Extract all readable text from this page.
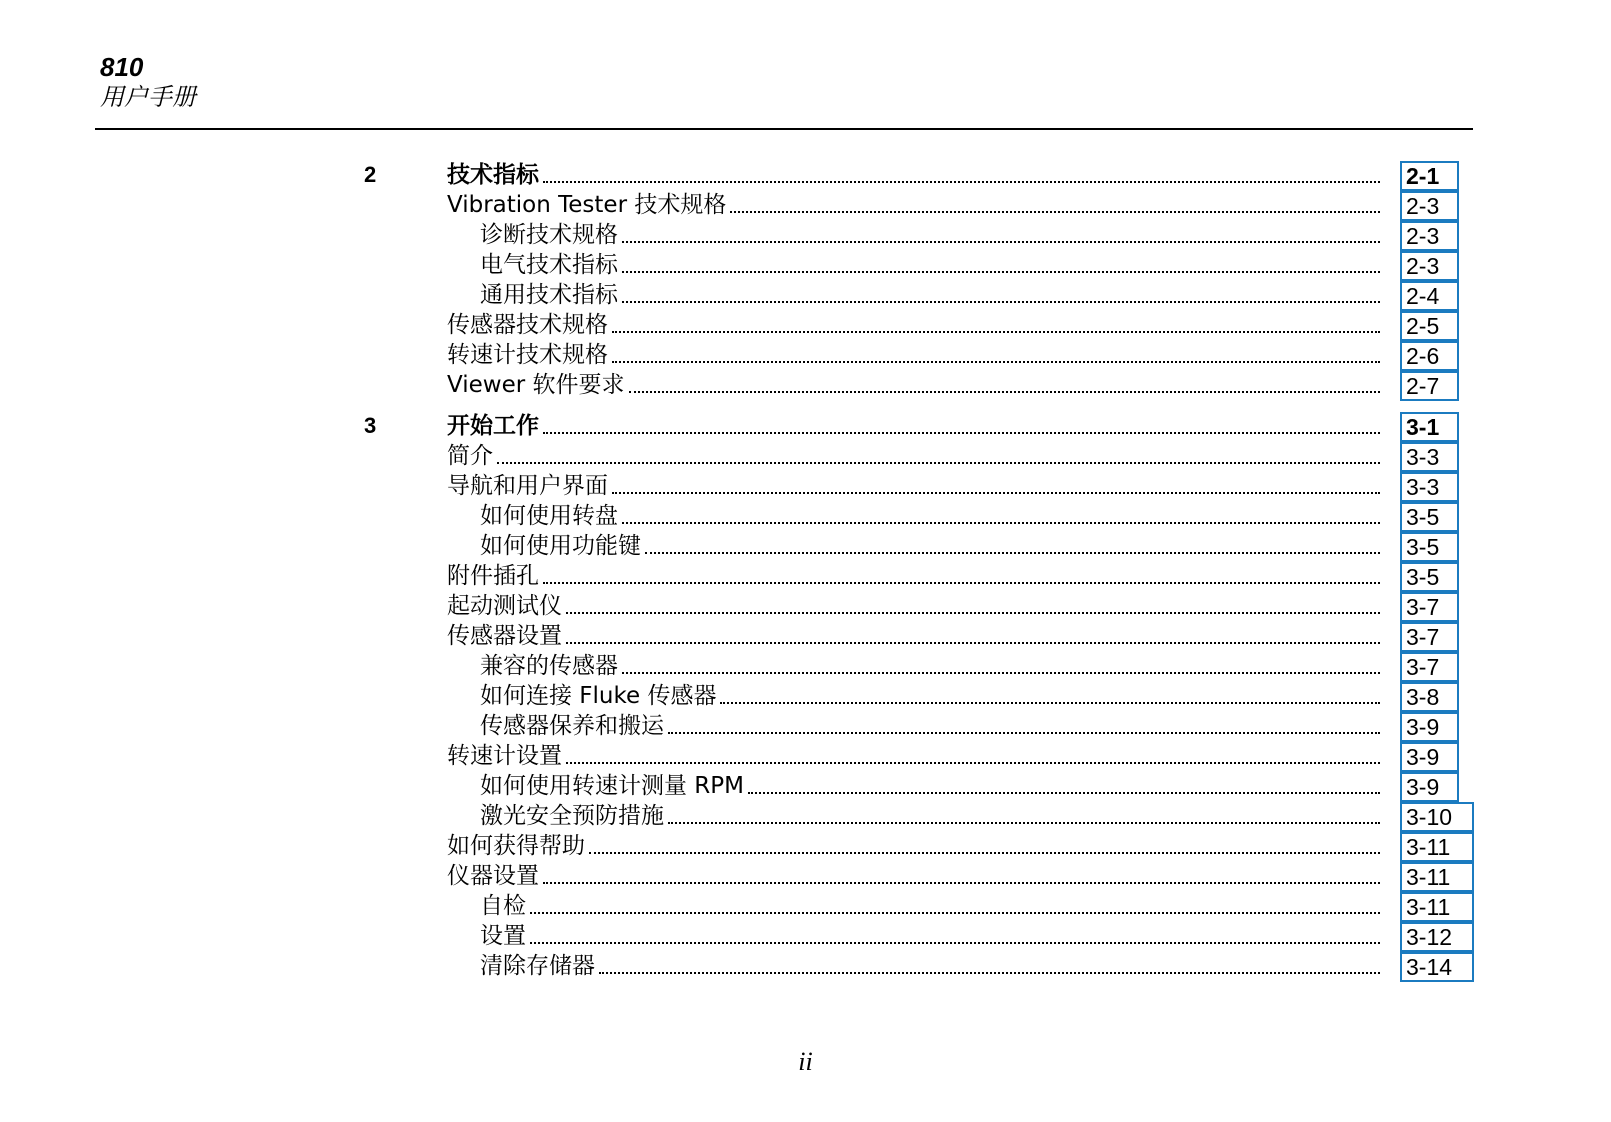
810
用户手册
2	技术指标	2-1
Vibration Tester 技术规格	2-3
诊断技术规格	2-3
电气技术指标	2-3
通用技术指标	2-4
传感器技术规格	2-5
转速计技术规格	2-6
Viewer 软件要求	2-7
3	开始工作	3-1
简介	3-3
导航和用户界面	3-3
如何使用转盘	3-5
如何使用功能键	3-5
附件插孔	3-5
起动测试仪	3-7
传感器设置	3-7
兼容的传感器	3-7
如何连接 Fluke 传感器	3-8
传感器保养和搬运	3-9
转速计设置	3-9
如何使用转速计测量 RPM	3-9
激光安全预防措施	3-10
如何获得帮助	3-11
仪器设置	3-11
自检	3-11
设置	3-12
清除存储器	3-14
ii
